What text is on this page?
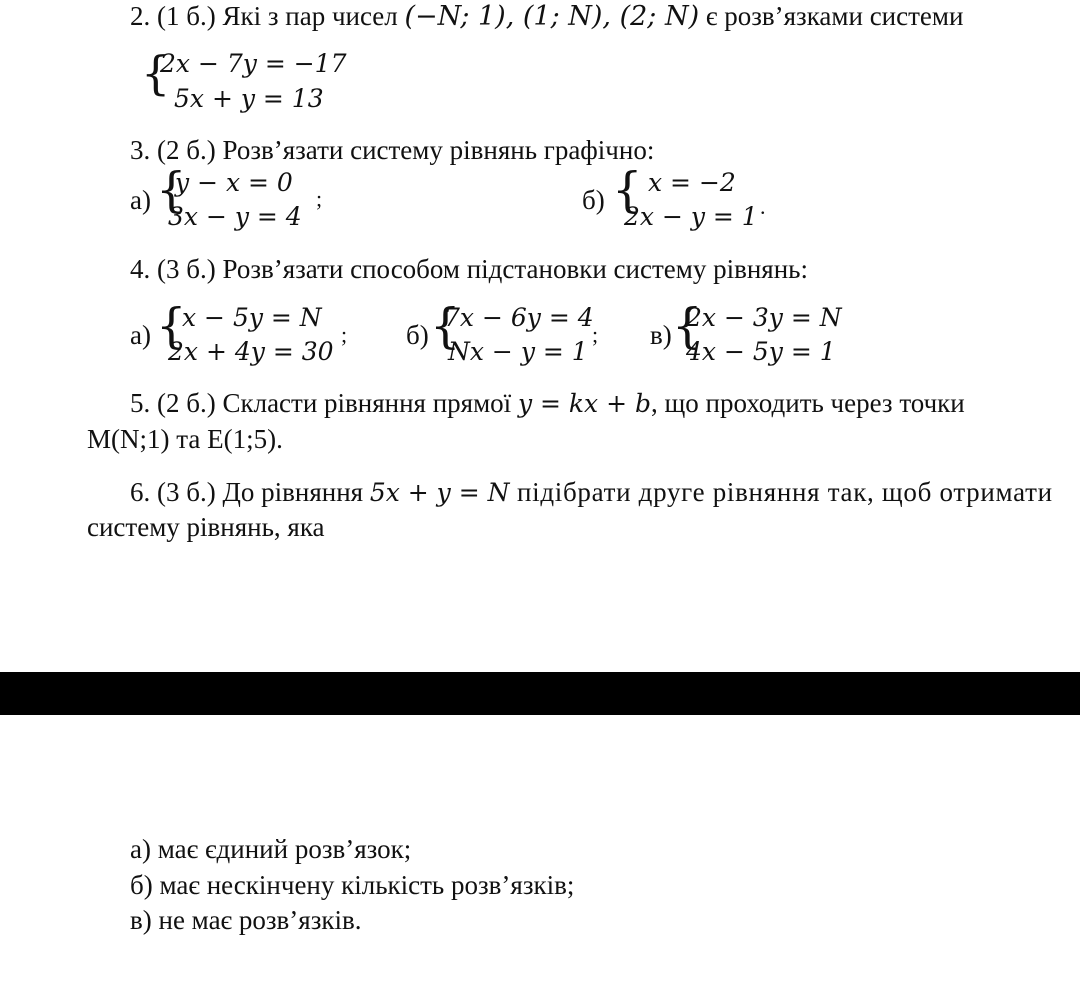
2. (1 б.) Які з пар чисел (−N; 1), (1; N), (2; N) є розв’язками системи
{
2x − 7y = −17
5x + y = 13
3. (2 б.) Розв’язати систему рівнянь графічно:
а) {
y − x = 0
3x − y = 4
;	б) { x = −2
2x − y = 1 .
4. (3 б.) Розв’язати способом підстановки систему рівнянь:
а) {
x − 5y = N
2x + 4y = 30
; б) {
7x − 6y = 4
Nx − y = 1
; в) {
2x − 3y = N
4x − 5y = 1
5. (2 б.) Скласти рівняння прямої y = kx + b, що проходить через точки
M(N;1) та E(1;5).
6. (3 б.) До рівняння 5x + y = N підібрати друге рівняння так, щоб отримати
систему рівнянь, яка
а) має єдиний розв’язок;
б) має нескінчену кількість розв’язків;
в) не має розв’язків.
